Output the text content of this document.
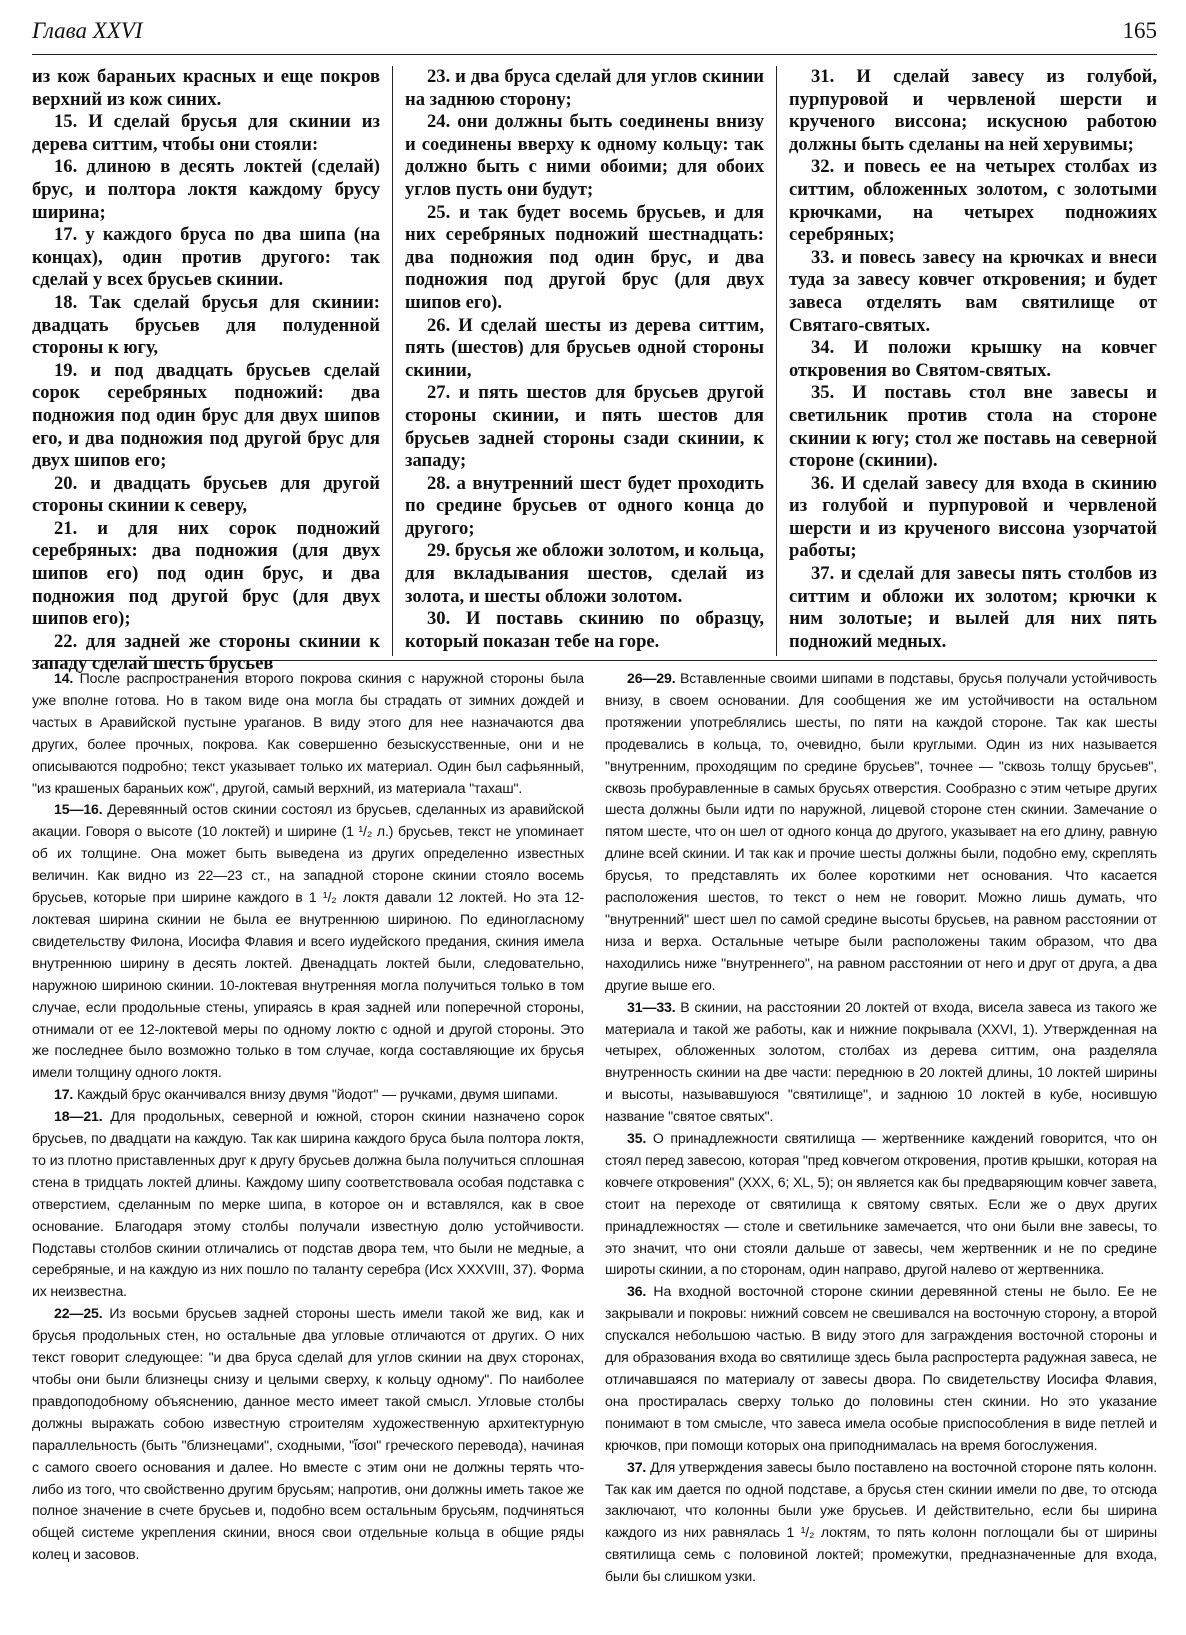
Глава XXVI	165

из кож бараньих красных и еще покров верхний из кож синих.

15. И сделай брусья для скинии из дерева ситтим, чтобы они стояли:

16. длиною в десять локтей (сделай) брус, и полтора локтя каждому брусу ширина;

17. у каждого бруса по два шипа (на концах), один против другого: так сделай у всех брусьев скинии.

18. Так сделай брусья для скинии: двадцать брусьев для полуденной стороны к югу,

19. и под двадцать брусьев сделай сорок серебряных подножий: два подножия под один брус для двух шипов его, и два подножия под другой брус для двух шипов его;

20. и двадцать брусьев для другой стороны скинии к северу,

21. и для них сорок подножий серебряных: два подножия (для двух шипов его) под один брус, и два подножия под другой брус (для двух шипов его);

22. для задней же стороны скинии к западу сделай шесть брусьев

23. и два бруса сделай для углов скинии на заднюю сторону;

24. они должны быть соединены внизу и соединены вверху к одному кольцу: так должно быть с ними обоими; для обоих углов пусть они будут;

25. и так будет восемь брусьев, и для них серебряных подножий шестнадцать: два подножия под один брус, и два подножия под другой брус (для двух шипов его).

26. И сделай шесты из дерева ситтим, пять (шестов) для брусьев одной стороны скинии,

27. и пять шестов для брусьев другой стороны скинии, и пять шестов для брусьев задней стороны сзади скинии, к западу;

28. а внутренний шест будет проходить по средине брусьев от одного конца до другого;

29. брусья же обложи золотом, и кольца, для вкладывания шестов, сделай из золота, и шесты обложи золотом.

30. И поставь скинию по образцу, который показан тебе на горе.

31. И сделай завесу из голубой, пурпуровой и червленой шерсти и крученого виссона; искусною работою должны быть сделаны на ней херувимы;

32. и повесь ее на четырех столбах из ситтим, обложенных золотом, с золотыми крючками, на четырех подножиях серебряных;

33. и повесь завесу на крючках и внеси туда за завесу ковчег откровения; и будет завеса отделять вам святилище от Святаго-святых.

34. И положи крышку на ковчег откровения во Святом-святых.

35. И поставь стол вне завесы и светильник против стола на стороне скинии к югу; стол же поставь на северной стороне (скинии).

36. И сделай завесу для входа в скинию из голубой и пурпуровой и червленой шерсти и из крученого виссона узорчатой работы;

37. и сделай для завесы пять столбов из ситтим и обложи их золотом; крючки к ним золотые; и вылей для них пять подножий медных.

14. После распространения второго покрова скиния с наружной стороны была уже вполне готова. Но в таком виде она могла бы страдать от зимних дождей и частых в Аравийской пустыне ураганов. В виду этого для нее назначаются два других, более прочных, покрова. Как совершенно безыскусственные, они и не описываются подробно; текст указывает только их материал. Один был сафьянный, "из крашеных бараньих кож", другой, самый верхний, из материала "тахаш".

15—16. Деревянный остов скинии состоял из брусьев, сделанных из аравийской акации. Говоря о высоте (10 локтей) и ширине (1 ¹/₂ л.) брусьев, текст не упоминает об их толщине. Она может быть выведена из других определенно известных величин. Как видно из 22—23 ст., на западной стороне скинии стояло восемь брусьев, которые при ширине каждого в 1 ¹/₂ локтя давали 12 локтей. Но эта 12-локтевая ширина скинии не была ее внутреннюю шириною. По единогласному свидетельству Филона, Иосифа Флавия и всего иудейского предания, скиния имела внутреннюю ширину в десять локтей. Двенадцать локтей были, следовательно, наружною шириною скинии. 10-локтевая внутренняя могла получиться только в том случае, если продольные стены, упираясь в края задней или поперечной стороны, отнимали от ее 12-локтевой меры по одному локтю с одной и другой стороны. Это же последнее было возможно только в том случае, когда составляющие их брусья имели толщину одного локтя.

17. Каждый брус оканчивался внизу двумя "йодот" — ручками, двумя шипами.

18—21. Для продольных, северной и южной, сторон скинии назначено сорок брусьев, по двадцати на каждую. Так как ширина каждого бруса была полтора локтя, то из плотно приставленных друг к другу брусьев должна была получиться сплошная стена в тридцать локтей длины. Каждому шипу соответствовала особая подставка с отверстием, сделанным по мерке шипа, в которое он и вставлялся, как в свое основание. Благодаря этому столбы получали известную долю устойчивости. Подставы столбов скинии отличались от подстав двора тем, что были не медные, а серебряные, и на каждую из них пошло по таланту серебра (Исх XXXVIII, 37). Форма их неизвестна.

22—25. Из восьми брусьев задней стороны шесть имели такой же вид, как и брусья продольных стен, но остальные два угловые отличаются от других. О них текст говорит следующее: "и два бруса сделай для углов скинии на двух сторонах, чтобы они были близнецы снизу и целыми сверху, к кольцу одному". По наиболее правдоподобному объяснению, данное место имеет такой смысл. Угловые столбы должны выражать собою известную строителям художественную архитектурную параллельность (быть "близнецами", сходными, "ἴσοι" греческого перевода), начиная с самого своего основания и далее. Но вместе с этим они не должны терять что-либо из того, что свойственно другим брусьям; напротив, они должны иметь такое же полное значение в счете брусьев и, подобно всем остальным брусьям, подчиняться общей системе укрепления скинии, внося свои отдельные кольца в общие ряды колец и засовов.

26—29. Вставленные своими шипами в подставы, брусья получали устойчивость внизу, в своем основании. Для сообщения же им устойчивости на остальном протяжении употреблялись шесты, по пяти на каждой стороне. Так как шесты продевались в кольца, то, очевидно, были круглыми. Один из них называется "внутренним, проходящим по средине брусьев", точнее — "сквозь толщу брусьев", сквозь пробуравленные в самых брусьях отверстия. Сообразно с этим четыре других шеста должны были идти по наружной, лицевой стороне стен скинии. Замечание о пятом шесте, что он шел от одного конца до другого, указывает на его длину, равную длине всей скинии. И так как и прочие шесты должны были, подобно ему, скреплять брусья, то представлять их более короткими нет основания. Что касается расположения шестов, то текст о нем не говорит. Можно лишь думать, что "внутренний" шест шел по самой средине высоты брусьев, на равном расстоянии от низа и верха. Остальные четыре были расположены таким образом, что два находились ниже "внутреннего", на равном расстоянии от него и друг от друга, а два другие выше его.

31—33. В скинии, на расстоянии 20 локтей от входа, висела завеса из такого же материала и такой же работы, как и нижние покрывала (XXVI, 1). Утвержденная на четырех, обложенных золотом, столбах из дерева ситтим, она разделяла внутренность скинии на две части: переднюю в 20 локтей длины, 10 локтей ширины и высоты, называвшуюся "святилище", и заднюю 10 локтей в кубе, носившую название "святое святых".

35. О принадлежности святилища — жертвеннике каждений говорится, что он стоял перед завесою, которая "пред ковчегом откровения, против крышки, которая на ковчеге откровения" (XXX, 6; XL, 5); он является как бы предваряющим ковчег завета, стоит на переходе от святилища к святому святых. Если же о двух других принадлежностях — столе и светильнике замечается, что они были вне завесы, то это значит, что они стояли дальше от завесы, чем жертвенник и не по средине широты скинии, а по сторонам, один направо, другой налево от жертвенника.

36. На входной восточной стороне скинии деревянной стены не было. Ее не закрывали и покровы: нижний совсем не свешивался на восточную сторону, а второй спускался небольшою частью. В виду этого для заграждения восточной стороны и для образования входа во святилище здесь была распростерта радужная завеса, не отличавшаяся по материалу от завесы двора. По свидетельству Иосифа Флавия, она простиралась сверху только до половины стен скинии. Но это указание понимают в том смысле, что завеса имела особые приспособления в виде петлей и крючков, при помощи которых она приподнималась на время богослужения.

37. Для утверждения завесы было поставлено на восточной стороне пять колонн. Так как им дается по одной подставе, а брусья стен скинии имели по две, то отсюда заключают, что колонны были уже брусьев. И действительно, если бы ширина каждого из них равнялась 1 ¹/₂ локтям, то пять колонн поглощали бы от ширины святилища семь с половиной локтей; промежутки, предназначенные для входа, были бы слишком узки.
